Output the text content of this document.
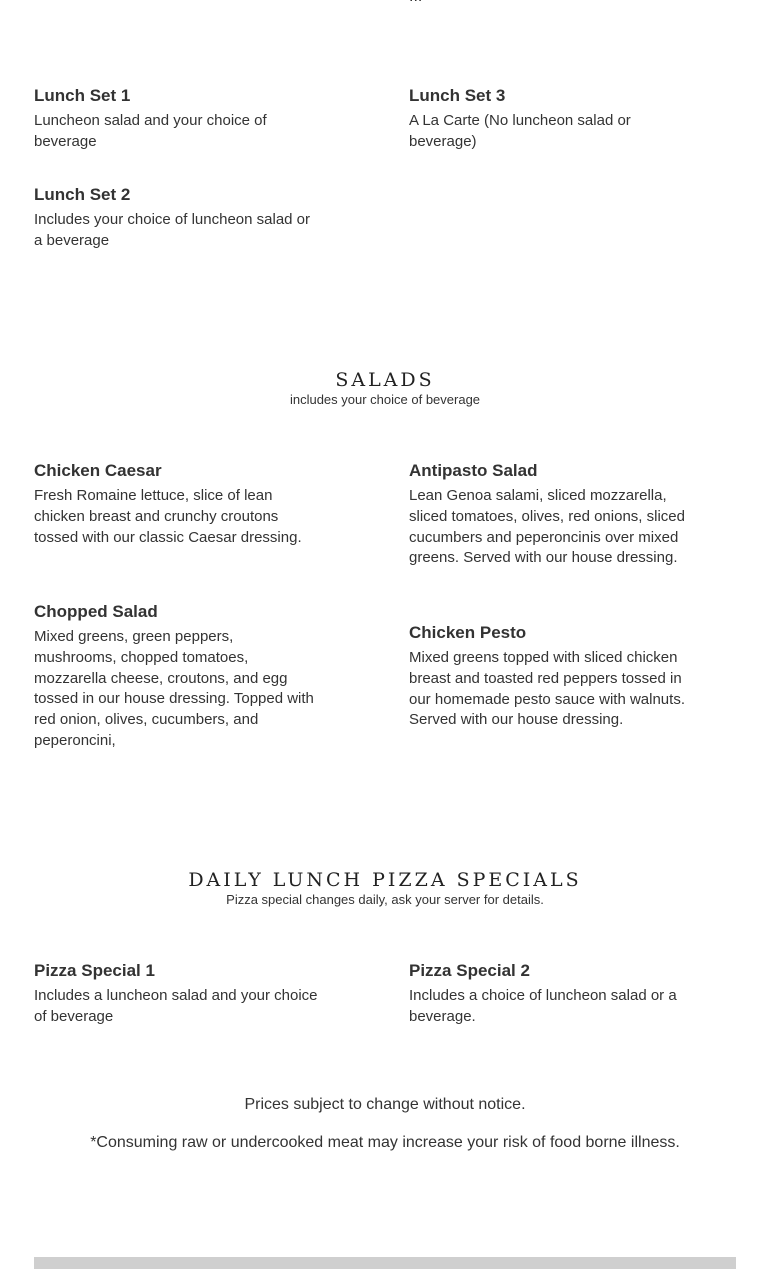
Lunch Set 1

Luncheon salad and your choice of beverage

Lunch Set 2

Includes your choice of luncheon salad or a beverage

Lunch Set 3

A La Carte (No luncheon salad or beverage)

SALADS
includes your choice of beverage
Chicken Caesar

Fresh Romaine lettuce, slice of lean chicken breast and crunchy croutons tossed with our classic Caesar dressing.

Chopped Salad

Mixed greens, green peppers, mushrooms, chopped tomatoes, mozzarella cheese, croutons, and egg tossed in our house dressing. Topped with red onion, olives, cucumbers, and peperoncini,

Antipasto Salad

Lean Genoa salami, sliced mozzarella, sliced tomatoes, olives, red onions, sliced cucumbers and peperoncinis over mixed greens. Served with our house dressing.

Chicken Pesto

Mixed greens topped with sliced chicken breast and toasted red peppers tossed in our homemade pesto sauce with walnuts. Served with our house dressing.

DAILY LUNCH PIZZA SPECIALS
Pizza special changes daily, ask your server for details.
Pizza Special 1

Includes a luncheon salad and your choice of beverage

Pizza Special 2

Includes a choice of luncheon salad or a beverage.

Prices subject to change without notice.
*Consuming raw or undercooked meat may increase your risk of food borne illness.
